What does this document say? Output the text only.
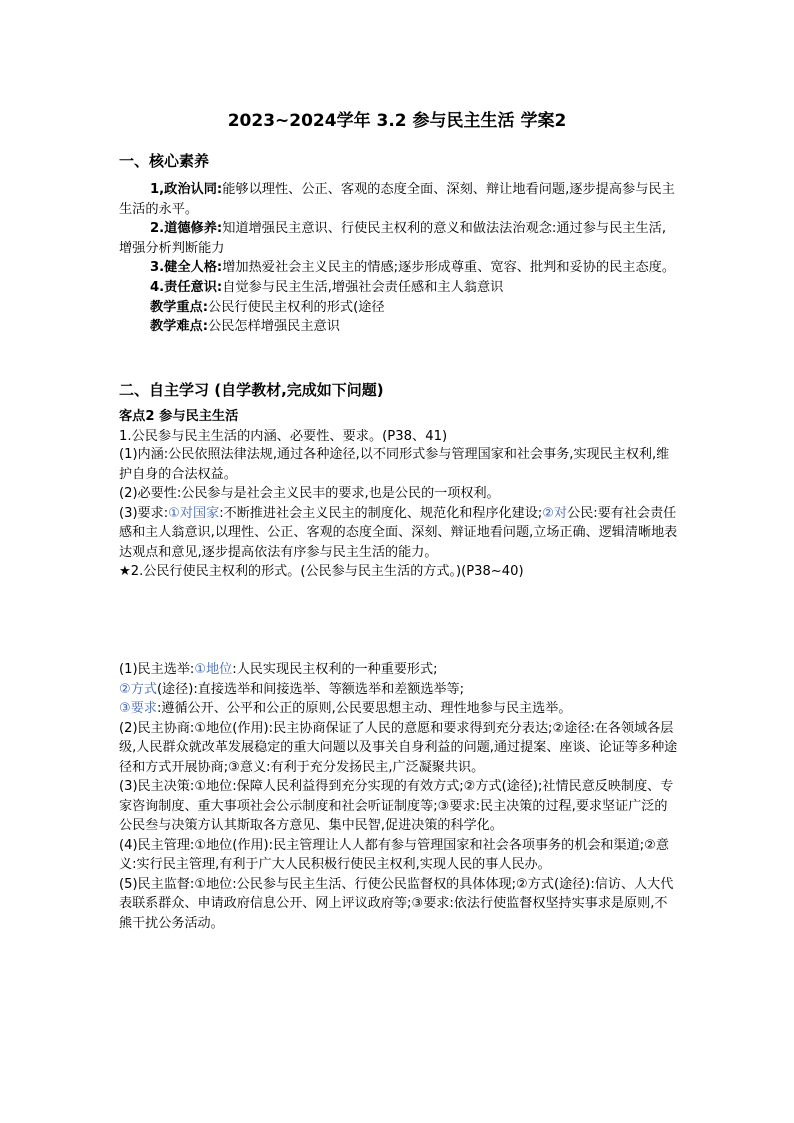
2023~2024学年 3.2 参与民主生活 学案2
一、核心素养

1,政治认同:能够以理性、公正、客观的态度全面、深刻、辩让地看问题,逐步提高参与民主生活的永平。

2.道德修养:知道增强民主意识、行使民主权利的意义和做法法治观念:通过参与民主生活,增强分析判断能力

3.健全人格:增加热爱社会主义民主的情感;逐步形成尊重、宽容、批判和妥协的民主态度。

4.责任意识:自觉参与民主生活,增强社会责任感和主人翁意识

教学重点:公民行使民主权利的形式(途径

教学难点:公民怎样增强民主意识

二、自主学习 (自学教材,完成如下问题)

客点2 参与民主生活

1.公民参与民主生活的内涵、必要性、要求。(P38、41)

(1)内涵:公民依照法律法规,通过各种途径,以不同形式参与管理国家和社会事务,实现民主权利,维护自身的合法权益。

(2)必要性:公民参与是社会主义民丰的要求,也是公民的一项权利。

(3)要求:①对国家:不断推进社会主义民主的制度化、规范化和程序化建设;②对公民:要有社会责任感和主人翁意识,以理性、公正、客观的态度全面、深刻、辩证地看问题,立场正确、逻辑清晰地表达观点和意见,逐步提高依法有序参与民主生活的能力。

★2.公民行使民主权利的形式。(公民参与民主生活的方式。)(P38~40)

(1)民主选举:①地位:人民实现民主权利的一种重要形式;

②方式(途径):直接选举和间接选举、等额选举和差额选举等;

③要求:遵循公开、公平和公正的原则,公民要思想主动、理性地参与民主选举。

(2)民主协商:①地位(作用):民主协商保证了人民的意愿和要求得到充分表达;②途径:在各领域各层级,人民群众就改革发展稳定的重大问题以及事关自身利益的问题,通过提案、座谈、论证等多种途径和方式开展协商;③意义:有利于充分发扬民主,广泛凝聚共识。

(3)民主决策:①地位:保障人民利益得到充分实现的有效方式;②方式(途径);社情民意反映制度、专家咨询制度、重大事项社会公示制度和社会听证制度等;③要求:民主决策的过程,要求坚证广泛的公民叁与决策方认其斯取各方意见、集中民智,促进决策的科学化。

(4)民主管理:①地位(作用):民主管理让人人都有参与管理国家和社会各项事务的机会和渠道;②意义:实行民主管理,有利于广大人民积极行使民主权利,实现人民的事人民办。

(5)民主监督:①地位:公民参与民主生活、行使公民监督权的具体体现;②方式(途径):信访、人大代表联系群众、申请政府信息公开、网上评议政府等;③要求:依法行使监督权坚持实事求是原则,不熊干扰公务活动。
